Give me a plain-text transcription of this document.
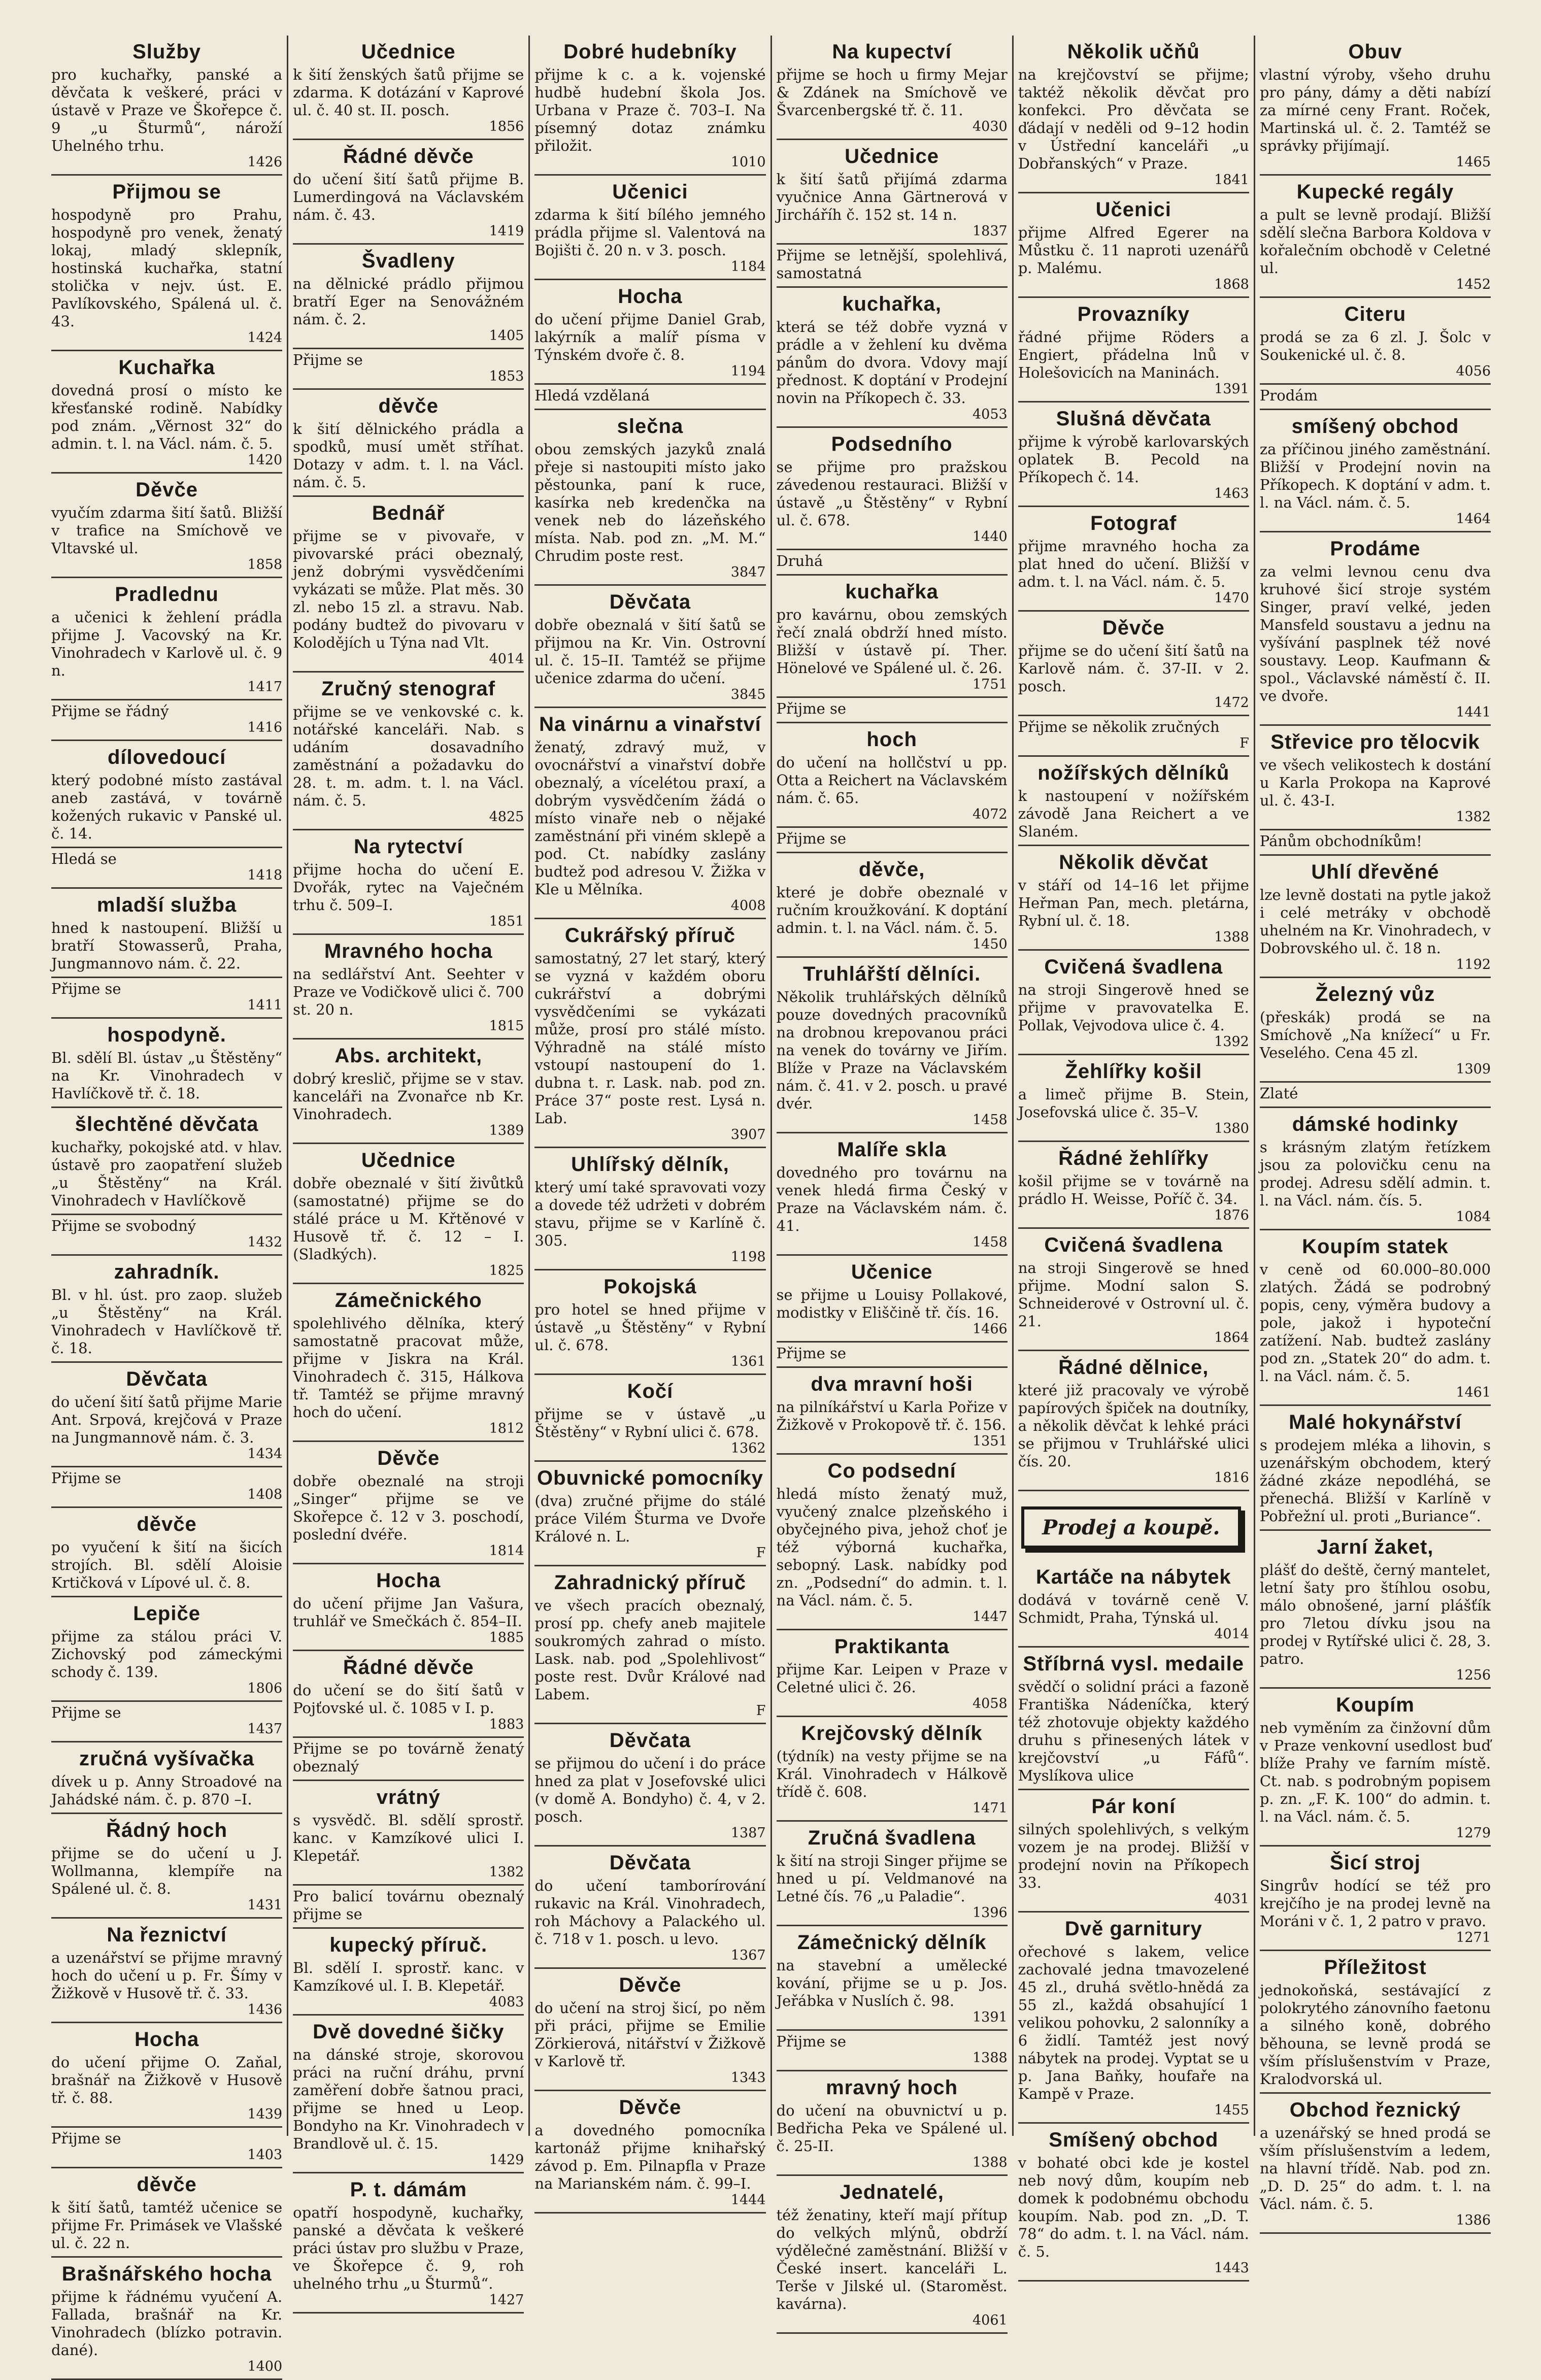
Služby
pro kuchařky, panské a děvčata k veškeré, práci v ústavě v Praze ve Škořepce č. 9 „u Šturmů“, nároží Uhelného trhu.
1426
Přijmou se
hospodyně pro Prahu, hospodyně pro venek, ženatý lokaj, mladý sklepník, hostinská kuchařka, statní stolička v nejv. úst. E. Pavlíkovského, Spálená ul. č. 43.
1424
Kuchařka
dovedná prosí o místo ke křesťanské rodině. Nabídky pod znám. „Věrnost 32“ do admin. t. l. na Václ. nám. č. 5.
1420
Děvče
vyučím zdarma šití šatů. Bližší v trafice na Smíchově ve Vltavské ul.
1858
Pradlednu
a učenici k žehlení prádla přijme J. Vacovský na Kr. Vinohradech v Karlově ul. č. 9 n.
1417
Přijme se řádný
1416
dílovedoucí
který podobné místo zastával aneb zastává, v továrně kožených rukavic v Panské ul. č. 14.
Hledá se
1418
mladší služba
hned k nastoupení. Bližší u bratří Stowasserů, Praha, Jungmannovo nám. č. 22.
Přijme se
1411
hospodyně.
Bl. sdělí Bl. ústav „u Štěstěny“ na Kr. Vinohradech v Havlíčkově tř. č. 18.
šlechtěné děvčata
kuchařky, pokojské atd. v hlav. ústavě pro zaopatření služeb „u Štěstěny“ na Král. Vinohradech v Havlíčkově
Přijme se svobodný
1432
zahradník.
Bl. v hl. úst. pro zaop. služeb „u Štěstěny“ na Král. Vinohradech v Havlíčkově tř. č. 18.
Děvčata
do učení šití šatů přijme Marie Ant. Srpová, krejčová v Praze na Jungmannově nám. č. 3.
1434
Přijme se
1408
děvče
po vyučení k šití na šicích strojích. Bl. sdělí Aloisie Krtičková v Lípové ul. č. 8.
Lepiče
přijme za stálou práci V. Zichovský pod zámeckými schody č. 139.
1806
Přijme se
1437
zručná vyšívačka
dívek u p. Anny Stroadové na Jahádské nám. č. p. 870 –I.
Řádný hoch
přijme se do učení u J. Wollmanna, klempíře na Spálené ul. č. 8.
1431
Na řeznictví
a uzenářství se přijme mravný hoch do učení u p. Fr. Šímy v Žižkově v Husově tř. č. 33.
1436
Hocha
do učení přijme O. Zaňal, brašnář na Žižkově v Husově tř. č. 88.
1439
Přijme se
1403
děvče
k šití šatů, tamtéž učenice se přijme Fr. Primásek ve Vlašské ul. č. 22 n.
Brašnářského hocha
přijme k řádnému vyučení A. Fallada, brašnář na Kr. Vinohradech (blízko potravin. dané).
1400
Učednice
k šití ženských šatů přijme se zdarma. K dotázání v Kaprové ul. č. 40 st. II. posch.
1856
Řádné děvče
do učení šití šatů přijme B. Lumerdingová na Václavském nám. č. 43.
1419
Švadleny
na dělnické prádlo přijmou bratří Eger na Senovážném nám. č. 2.
1405
Přijme se
1853
děvče
k šití dělnického prádla a spodků, musí umět stříhat. Dotazy v adm. t. l. na Václ. nám. č. 5.
Bednář
přijme se v pivovaře, v pivovarské práci obeznalý, jenž dobrými vysvědčeními vykázati se může. Plat měs. 30 zl. nebo 15 zl. a stravu. Nab. podány budtež do pivovaru v Kolodějích u Týna nad Vlt.
4014
Zručný stenograf
přijme se ve venkovské c. k. notářské kanceláři. Nab. s udáním dosavadního zaměstnání a požadavku do 28. t. m. adm. t. l. na Václ. nám. č. 5.
4825
Na rytectví
přijme hocha do učení E. Dvořák, rytec na Vaječném trhu č. 509–I.
1851
Mravného hocha
na sedlářství Ant. Seehter v Praze ve Vodičkově ulici č. 700 st. 20 n.
1815
Abs. architekt,
dobrý kreslič, přijme se v stav. kanceláři na Zvonařce nb Kr. Vinohradech.
1389
Učednice
dobře obeznalé v šití živůtků (samostatné) přijme se do stálé práce u M. Křtěnové v Husově tř. č. 12 – I. (Sladkých).
1825
Zámečnického
spolehlivého dělníka, který samostatně pracovat může, přijme v Jiskra na Král. Vinohradech č. 315, Hálkova tř. Tamtéž se přijme mravný hoch do učení.
1812
Děvče
dobře obeznalé na stroji „Singer“ přijme se ve Skořepce č. 12 v 3. poschodí, poslední dvéře.
1814
Hocha
do učení přijme Jan Vašura, truhlář ve Smečkách č. 854–II.
1885
Řádné děvče
do učení se do šití šatů v Pojťovské ul. č. 1085 v I. p.
1883
Přijme se po továrně ženatý obeznalý
vrátný
s vysvědč. Bl. sdělí sprostř. kanc. v Kamzíkové ulici I. Klepetář.
1382
Pro balicí továrnu obeznalý přijme se
kupecký příruč.
Bl. sdělí I. sprostř. kanc. v Kamzíkové ul. I. B. Klepetář.
4083
Dvě dovedné šičky
na dánské stroje, skorovou práci na ruční dráhu, první zaměření dobře šatnou praci, přijme se hned u Leop. Bondyho na Kr. Vinohradech v Brandlově ul. č. 15.
1429
P. t. dámám
opatří hospodyně, kuchařky, panské a děvčata k veškeré práci ústav pro službu v Praze, ve Škořepce č. 9, roh uhelného trhu „u Šturmů“.
1427
Dobré hudebníky
přijme k c. a k. vojenské hudbě hudební škola Jos. Urbana v Praze č. 703–I. Na písemný dotaz známku přiložit.
1010
Učenici
zdarma k šití bílého jemného prádla přijme sl. Valentová na Bojišti č. 20 n. v 3. posch.
1184
Hocha
do učení přijme Daniel Grab, lakýrník a malíř písma v Týnském dvoře č. 8.
1194
Hledá vzdělaná
slečna
obou zemských jazyků znalá přeje si nastoupiti místo jako pěstounka, paní k ruce, kasírka neb kredenčka na venek neb do lázeňského místa. Nab. pod zn. „M. M.“ Chrudim poste rest.
3847
Děvčata
dobře obeznalá v šití šatů se přijmou na Kr. Vin. Ostrovní ul. č. 15–II. Tamtéž se přijme učenice zdarma do učení.
3845
Na vinárnu a vinařství
ženatý, zdravý muž, v ovocnářství a vinařství dobře obeznalý, a vícelétou praxí, a dobrým vysvědčením žádá o místo vinaře neb o nějaké zaměstnání při viném sklepě a pod. Ct. nabídky zaslány budtež pod adresou V. Žižka v Kle u Mělníka.
4008
Cukrářský příruč
samostatný, 27 let starý, který se vyzná v každém oboru cukrářství a dobrými vysvědčeními se vykázati může, prosí pro stálé místo. Výhradně na stálé místo vstoupí nastoupení do 1. dubna t. r. Lask. nab. pod zn. Práce 37“ poste rest. Lysá n. Lab.
3907
Uhlířský dělník,
který umí také spravovati vozy a dovede též udržeti v dobrém stavu, přijme se v Karlíně č. 305.
1198
Pokojská
pro hotel se hned přijme v ústavě „u Štěstěny“ v Rybní ul. č. 678.
1361
Kočí
přijme se v ústavě „u Štěstěny“ v Rybní ulici č. 678.
1362
Obuvnické pomocníky
(dva) zručné přijme do stálé práce Vilém Šturma ve Dvoře Králové n. L.
F
Zahradnický příruč
ve všech pracích obeznalý, prosí pp. chefy aneb majitele soukromých zahrad o místo. Lask. nab. pod „Spolehlivost“ poste rest. Dvůr Králové nad Labem.
F
Děvčata
se přijmou do učení i do práce hned za plat v Josefovské ulici (v domě A. Bondyho) č. 4, v 2. posch.
1387
Děvčata
do učení tamborírování rukavic na Král. Vinohradech, roh Máchovy a Palackého ul. č. 718 v 1. posch. u levo.
1367
Děvče
do učení na stroj šicí, po něm při práci, přijme se Emilie Zörkierová, nitářství v Žižkově v Karlově tř.
1343
Děvče
a dovedného pomocníka kartonáž přijme knihařský závod p. Em. Pilnapfla v Praze na Marianském nám. č. 99–I.
1444
Na kupectví
přijme se hoch u firmy Mejar & Zdánek na Smíchově ve Švarcenbergské tř. č. 11.
4030
Učednice
k šití šatů přijímá zdarma vyučnice Anna Gärtnerová v Jircháříh č. 152 st. 14 n.
1837
Přijme se letnější, spolehlivá, samostatná
kuchařka,
která se též dobře vyzná v prádle a v žehlení ku dvěma pánům do dvora. Vdovy mají přednost. K doptání v Prodejní novin na Příkopech č. 33.
4053
Podsedního
se přijme pro pražskou závedenou restauraci. Bližší v ústavě „u Štěstěny“ v Rybní ul. č. 678.
1440
Druhá
kuchařka
pro kavárnu, obou zemských řečí znalá obdrží hned místo. Bližší v ústavě pí. Ther. Hönelové ve Spálené ul. č. 26.
1751
Přijme se
hoch
do učení na hollčství u pp. Otta a Reichert na Václavském nám. č. 65.
4072
Přijme se
děvče,
které je dobře obeznalé v ručním kroužkování. K doptání admin. t. l. na Václ. nám. č. 5.
1450
Truhlářští dělníci.
Několik truhlářských dělníků pouze dovedných pracovníků na drobnou krepovanou práci na venek do továrny ve Jiřím. Blíže v Praze na Václavském nám. č. 41. v 2. posch. u pravé dvér.
1458
Malíře skla
dovedného pro továrnu na venek hledá firma Český v Praze na Václavském nám. č. 41.
1458
Učenice
se přijme u Louisy Pollakové, modistky v Eliščině tř. čís. 16.
1466
Přijme se
dva mravní hoši
na pilníkářství u Karla Pořize v Žižkově v Prokopově tř. č. 156.
1351
Co podsední
hledá místo ženatý muž, vyučený znalce plzeňského i obyčejného piva, jehož choť je též výborná kuchařka, sebopný. Lask. nabídky pod zn. „Podsední“ do admin. t. l. na Václ. nám. č. 5.
1447
Praktikanta
přijme Kar. Leipen v Praze v Celetné ulici č. 26.
4058
Krejčovský dělník
(týdník) na vesty přijme se na Král. Vinohradech v Hálkově třídě č. 608.
1471
Zručná švadlena
k šití na stroji Singer přijme se hned u pí. Veldmanové na Letné čís. 76 „u Paladie“.
1396
Zámečnický dělník
na stavební a umělecké kování, přijme se u p. Jos. Jeřábka v Nuslích č. 98.
1391
Přijme se
1388
mravný hoch
do učení na obuvnictví u p. Bedřicha Peka ve Spálené ul. č. 25-II.
1388
Jednatelé,
též ženatiny, kteří mají přítup do velkých mlýnů, obdrží výdělečné zaměstnání. Bližší v České insert. kanceláři L. Terše v Jilské ul. (Staroměst. kavárna).
4061
Několik učňů
na krejčovství se přijme; taktéž několik děvčat pro konfekci. Pro děvčata se ďádají v neděli od 9–12 hodin v Ústřední kanceláři „u Dobřanských“ v Praze.
1841
Učenici
přijme Alfred Egerer na Můstku č. 11 naproti uzenářů p. Malému.
1868
Provazníky
řádné přijme Röders a Engiert, přádelna lnů v Holešovicích na Maninách.
1391
Slušná děvčata
přijme k výrobě karlovarských oplatek B. Pecold na Příkopech č. 14.
1463
Fotograf
přijme mravného hocha za plat hned do učení. Bližší v adm. t. l. na Václ. nám. č. 5.
1470
Děvče
přijme se do učení šití šatů na Karlově nám. č. 37-II. v 2. posch.
1472
Přijme se několik zručných
F
nožířských dělníků
k nastoupení v nožířském závodě Jana Reichert a ve Slaném.
Několik děvčat
v stáří od 14–16 let přijme Heřman Pan, mech. pletárna, Rybní ul. č. 18.
1388
Cvičená švadlena
na stroji Singerově hned se přijme v pravovatelka E. Pollak, Vejvodova ulice č. 4.
1392
Žehlířky košil
a limeč přijme B. Stein, Josefovská ulice č. 35–V.
1380
Řádné žehlířky
košil přijme se v továrně na prádlo H. Weisse, Poříč č. 34.
1876
Cvičená švadlena
na stroji Singerově se hned přijme. Modní salon S. Schneiderové v Ostrovní ul. č. 21.
1864
Řádné dělnice,
které již pracovaly ve výrobě papírových špiček na doutníky, a několik děvčat k lehké práci se přijmou v Truhlářské ulici čís. 20.
1816
Prodej a koupě.
Kartáče na nábytek
dodává v továrně ceně V. Schmidt, Praha, Týnská ul.
4014
Stříbrná vysl. medaile
svědčí o solidní práci a fazoně Františka Nádeníčka, který též zhotovuje objekty každého druhu s přinesených látek v krejčovství „u Fáfů“. Myslíkova ulice
Pár koní
silných spolehlivých, s velkým vozem je na prodej. Bližší v prodejní novin na Příkopech 33.
4031
Dvě garnitury
ořechové s lakem, velice zachovalé jedna tmavozelené 45 zl., druhá světlo-hnědá za 55 zl., každá obsahující 1 velikou pohovku, 2 salonníky a 6 židlí. Tamtéž jest nový nábytek na prodej. Vyptat se u p. Jana Baňky, houfaře na Kampě v Praze.
1455
Smíšený obchod
v bohaté obci kde je kostel neb nový dům, koupím neb domek k podobnému obchodu koupím. Nab. pod zn. „D. T. 78“ do adm. t. l. na Václ. nám. č. 5.
1443
Obuv
vlastní výroby, všeho druhu pro pány, dámy a děti nabízí za mírné ceny Frant. Roček, Martinská ul. č. 2. Tamtéž se správky přijímají.
1465
Kupecké regály
a pult se levně prodají. Bližší sdělí slečna Barbora Koldova v kořalečním obchodě v Celetné ul.
1452
Citeru
prodá se za 6 zl. J. Šolc v Soukenické ul. č. 8.
4056
Prodám
smíšený obchod
za příčinou jiného zaměstnání. Bližší v Prodejní novin na Příkopech. K doptání v adm. t. l. na Václ. nám. č. 5.
1464
Prodáme
za velmi levnou cenu dva kruhové šicí stroje systém Singer, praví velké, jeden Mansfeld soustavu a jednu na vyšívání pasplnek též nové soustavy. Leop. Kaufmann & spol., Václavské náměstí č. II. ve dvoře.
1441
Střevice pro tělocvik
ve všech velikostech k dostání u Karla Prokopa na Kaprové ul. č. 43-I.
1382
Pánům obchodníkům!
Uhlí dřevěné
lze levně dostati na pytle jakož i celé metráky v obchodě uhelném na Kr. Vinohradech, v Dobrovského ul. č. 18 n.
1192
Železný vůz
(přeskák) prodá se na Smíchově „Na knížecí“ u Fr. Veselého. Cena 45 zl.
1309
Zlaté
dámské hodinky
s krásným zlatým řetízkem jsou za polovičku cenu na prodej. Adresu sdělí admin. t. l. na Václ. nám. čís. 5.
1084
Koupím statek
v ceně od 60.000–80.000 zlatých. Žádá se podrobný popis, ceny, výměra budovy a pole, jakož i hypoteční zatížení. Nab. budtež zaslány pod zn. „Statek 20“ do adm. t. l. na Václ. nám. č. 5.
1461
Malé hokynářství
s prodejem mléka a lihovin, s uzenářským obchodem, který žádné zkáze nepodléhá, se přenechá. Bližší v Karlíně v Pobřežní ul. proti „Buriance“.
Jarní žaket,
plášť do deště, černý mantelet, letní šaty pro štíhlou osobu, málo obnošené, jarní plášťík pro 7letou dívku jsou na prodej v Rytířské ulici č. 28, 3. patro.
1256
Koupím
neb vyměním za činžovní dům v Praze venkovní usedlost buď blíže Prahy ve farním místě. Ct. nab. s podrobným popisem p. zn. „F. K. 100“ do admin. t. l. na Václ. nám. č. 5.
1279
Šicí stroj
Singrův hodící se též pro krejčího je na prodej levně na Moráni v č. 1, 2 patro v pravo.
1271
Příležitost
jednokoňská, sestávající z polokrytého zánovního faetonu a silného koně, dobrého běhouna, se levně prodá se vším příslušenstvím v Praze, Kralodvorská ul.
Obchod řeznický
a uzenářský se hned prodá se vším příslušenstvím a ledem, na hlavní třídě. Nab. pod zn. „D. D. 25“ do adm. t. l. na Václ. nám. č. 5.
1386
